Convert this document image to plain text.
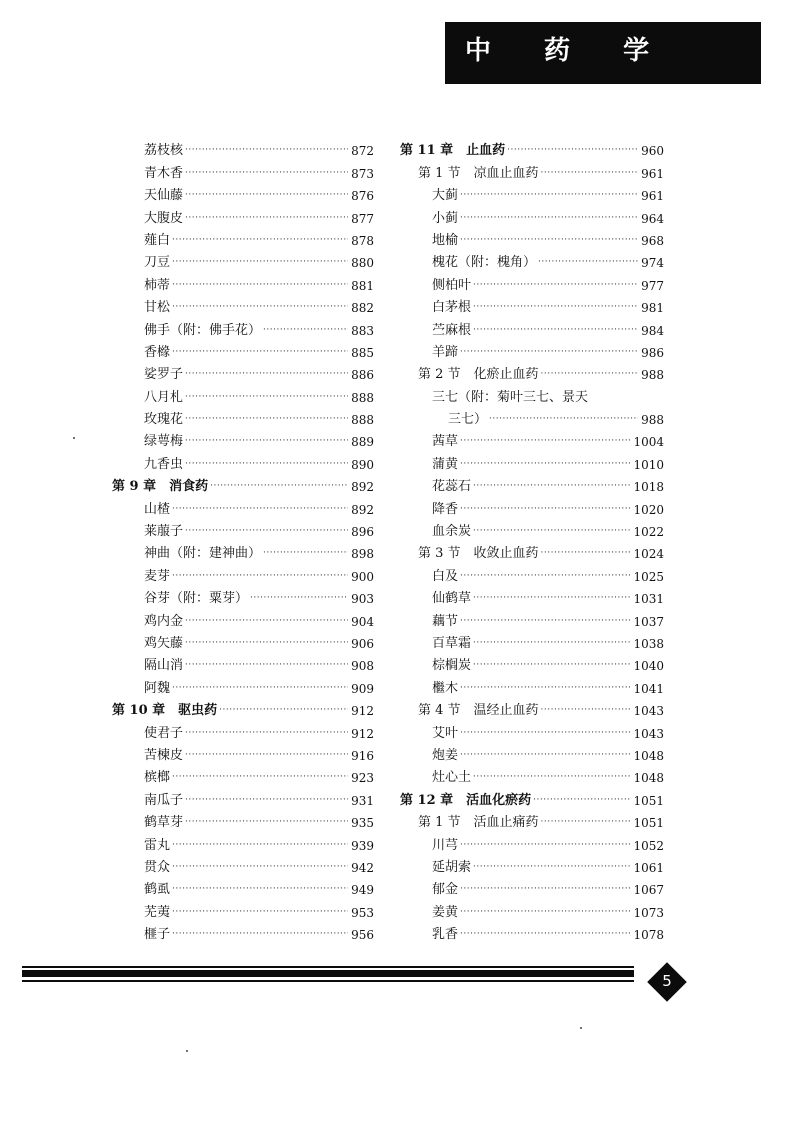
中 药 学
荔枝核 ·····	872
青木香 ·····	873
天仙藤 ·····	876
大腹皮 ·····	877
薤白 ·····	878
刀豆 ·····	880
柿蒂 ·····	881
甘松 ·····	882
佛手（附：佛手花） ·····	883
香橼 ·····	885
娑罗子 ·····	886
八月札 ·····	888
玫瑰花 ·····	888
绿萼梅 ·····	889
九香虫 ·····	890
第 9 章　消食药 ·····	892
山楂 ·····	892
莱菔子 ·····	896
神曲（附：建神曲） ·····	898
麦芽 ·····	900
谷芽（附：粟芽） ·····	903
鸡内金 ·····	904
鸡矢藤 ·····	906
隔山消 ·····	908
阿魏 ·····	909
第 10 章　驱虫药 ·····	912
使君子 ·····	912
苦楝皮 ·····	916
槟榔 ·····	923
南瓜子 ·····	931
鹤草芽 ·····	935
雷丸 ·····	939
贯众 ·····	942
鹤虱 ·····	949
芜荑 ·····	953
榧子 ·····	956
第 11 章　止血药 ·····	960
第 1 节　凉血止血药 ·····	961
大蓟 ·····	961
小蓟 ·····	964
地榆 ·····	968
槐花（附：槐角） ·····	974
侧柏叶 ·····	977
白茅根 ·····	981
苎麻根 ·····	984
羊蹄 ·····	986
第 2 节　化瘀止血药 ·····	988
三七（附：菊叶三七、景天
三七） ·····	988
茜草 ·····	1004
蒲黄 ·····	1010
花蕊石 ·····	1018
降香 ·····	1020
血余炭 ·····	1022
第 3 节　收敛止血药 ·····	1024
白及 ·····	1025
仙鹤草 ·····	1031
藕节 ·····	1037
百草霜 ·····	1038
棕榈炭 ·····	1040
檵木 ·····	1041
第 4 节　温经止血药 ·····	1043
艾叶 ·····	1043
炮姜 ·····	1048
灶心土 ·····	1048
第 12 章　活血化瘀药 ·····	1051
第 1 节　活血止痛药 ·····	1051
川芎 ·····	1052
延胡索 ·····	1061
郁金 ·····	1067
姜黄 ·····	1073
乳香 ·····	1078
5
